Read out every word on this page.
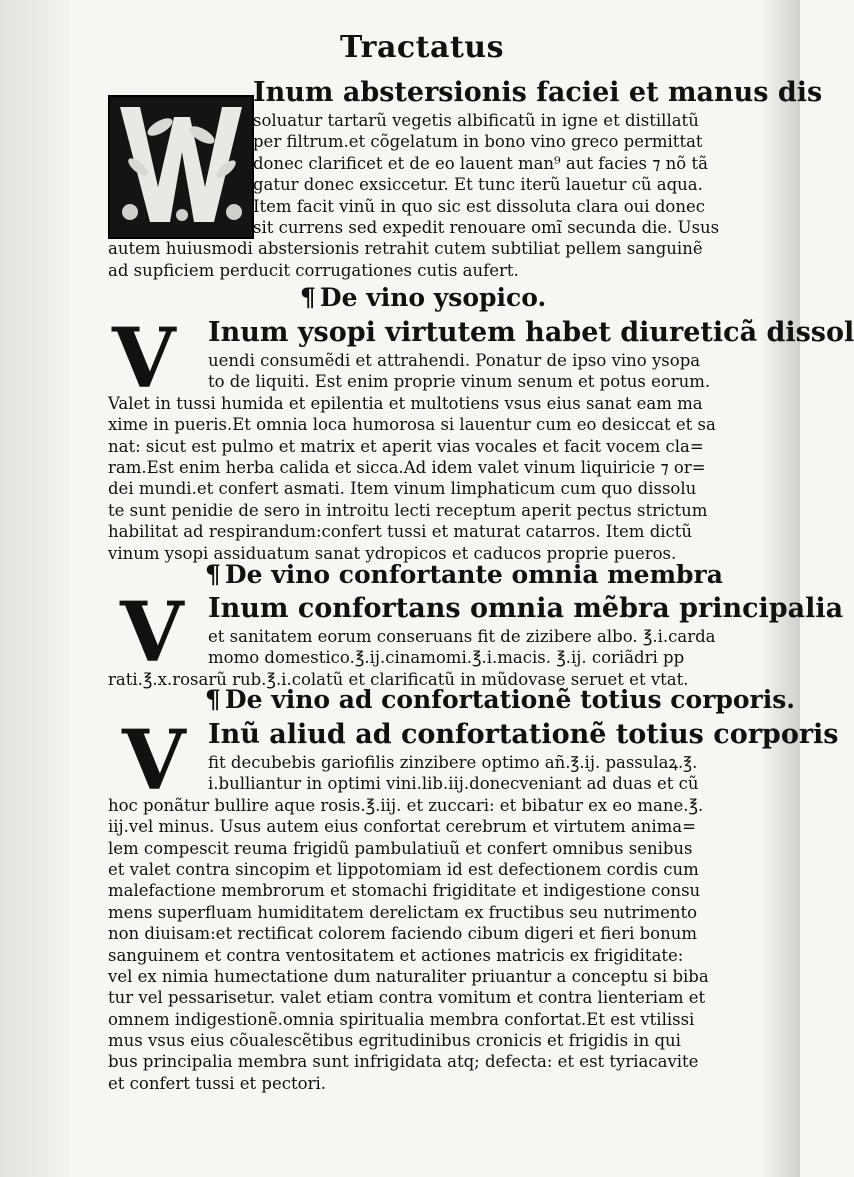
Tractatus
Inum abstersionis faciei et manus dis
soluatur tartarũ vegetis albificatũ in igne et distillatũ
per filtrum.et cõgelatum in bono vino greco permittat
donec clarificet et de eo lauent man⁹ aut facies ⁊ nõ tã
gatur donec exsiccetur. Et tunc iterũ lauetur cũ aqua.
Item facit vinũ in quo sic est dissoluta clara oui donec
sit currens sed expedit renouare omĩ secunda die. Usus
autem huiusmodi abstersionis retrahit cutem subtiliat pellem sanguinẽ
ad supficiem perducit corrugationes cutis aufert.
¶ De vino ysopico.
V	Inum ysopi virtutem habet diureticã dissol
uendi consumẽdi et attrahendi. Ponatur de ipso vino ysopa
to de liquiti. Est enim proprie vinum senum et potus eorum.
Valet in tussi humida et epilentia et multotiens vsus eius sanat eam ma
xime in pueris.Et omnia loca humorosa si lauentur cum eo desiccat et sa
nat: sicut est pulmo et matrix et aperit vias vocales et facit vocem cla=
ram.Est enim herba calida et sicca.Ad idem valet vinum liquiricie ⁊ or=
dei mundi.et confert asmati. Item vinum limphaticum cum quo dissolu
te sunt penidie de sero in introitu lecti receptum aperit pectus strictum
habilitat ad respirandum:confert tussi et maturat catarros. Item dictũ
vinum ysopi assiduatum sanat ydropicos et caducos proprie pueros.
¶ De vino confortante omnia membra
V Inum confortans omnia mẽbra principalia
et sanitatem eorum conseruans fit de zizibere albo. ℥.i.carda
momo domestico.℥.ij.cinamomi.℥.i.macis. ℥.ij. coriãdri pp
rati.℥.x.rosarũ rub.℥.i.colatũ et clarificatũ in mũdovase seruet et vtat.
¶ De vino ad confortationẽ totius corporis.
V Inũ aliud ad confortationẽ totius corporis
fit decubebis gariofilis zinzibere optimo añ.℥.ij. passulaꝝ.℥.
i.bulliantur in optimi vini.lib.iij.donecveniant ad duas et cũ
hoc ponãtur bullire aque rosis.℥.iij. et zuccari: et bibatur ex eo mane.℥.
iij.vel minus. Usus autem eius confortat cerebrum et virtutem anima=
lem compescit reuma frigidũ pambulatiuũ et confert omnibus senibus
et valet contra sincopim et lippotomiam id est defectionem cordis cum
malefactione membrorum et stomachi frigiditate et indigestione consu
mens superfluam humiditatem derelictam ex fructibus seu nutrimento
non diuisam:et rectificat colorem faciendo cibum digeri et fieri bonum
sanguinem et contra ventositatem et actiones matricis ex frigiditate:
vel ex nimia humectatione dum naturaliter priuantur a conceptu si biba
tur vel pessarisetur. valet etiam contra vomitum et contra lienteriam et
omnem indigestionẽ.omnia spiritualia membra confortat.Et est vtilissi
mus vsus eius cõualescẽtibus egritudinibus cronicis et frigidis in qui
bus principalia membra sunt infrigidata atq; defecta: et est tyriacavite
et confert tussi et pectori.
